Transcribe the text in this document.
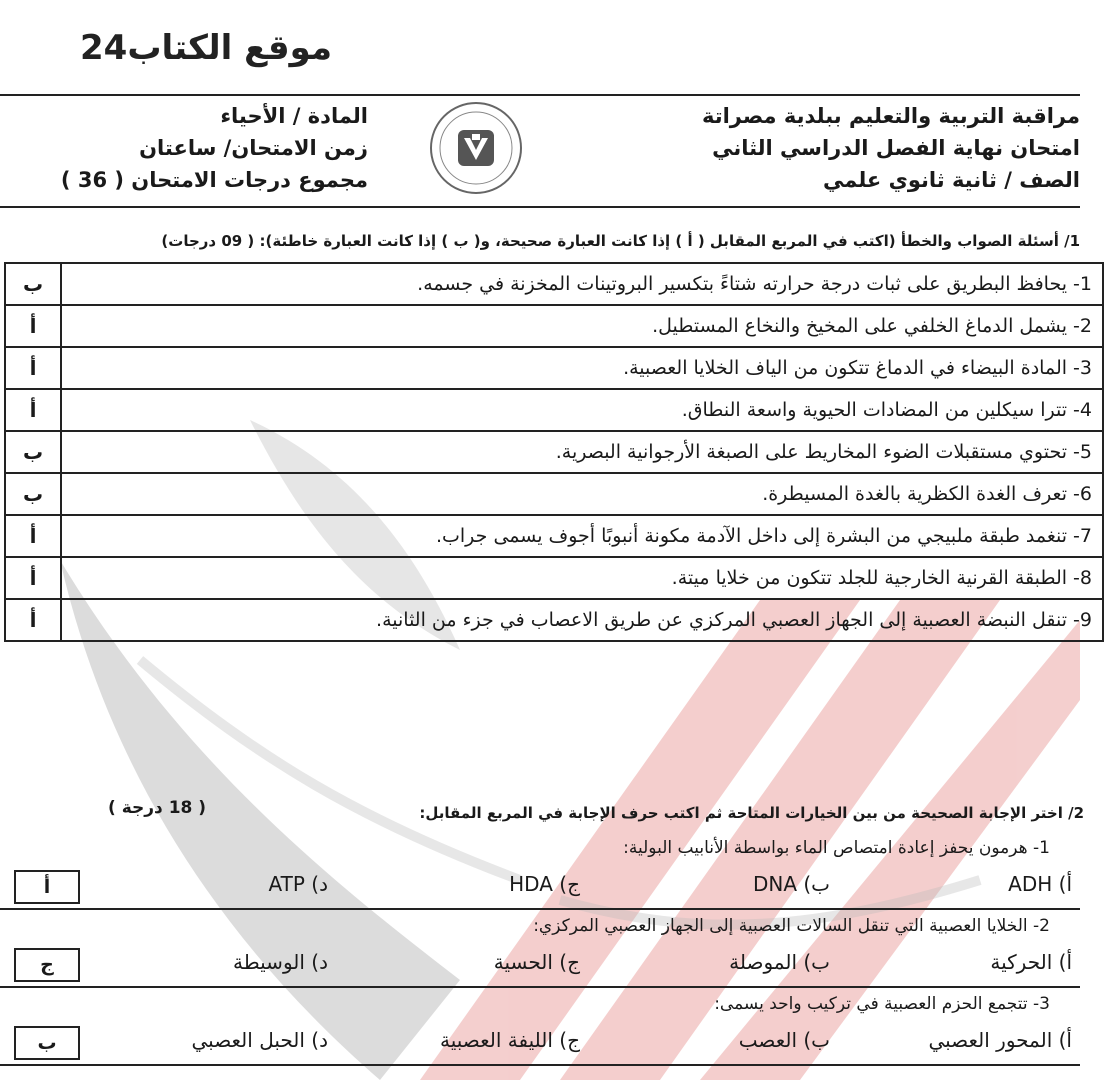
موقع الكتاب24
مراقبة التربية والتعليم ببلدية مصراتة
امتحان نهاية الفصل الدراسي الثاني
الصف / ثانية ثانوي علمي
المادة / الأحياء
زمن الامتحان/ ساعتان
مجموع درجات الامتحان ( 36 )
1/ أسئلة الصواب والخطأ (اكتب في المربع المقابل ( أ ) إذا كانت العبارة صحيحة، و( ب ) إذا كانت العبارة خاطئة): ( 09 درجات)
1- يحافظ البطريق على ثبات درجة حرارته شتاءً بتكسير البروتينات المخزنة في جسمه.	ب
2- يشمل الدماغ الخلفي على المخيخ والنخاع المستطيل.	أ
3- المادة البيضاء في الدماغ تتكون من الياف الخلايا العصبية.	أ
4- تترا سيكلين من المضادات الحيوية واسعة النطاق.	أ
5- تحتوي مستقبلات الضوء المخاريط على الصبغة الأرجوانية البصرية.	ب
6- تعرف الغدة الكظرية بالغدة المسيطرة.	ب
7- تنغمد طبقة ملبيجي من البشرة إلى داخل الآدمة مكونة أنبوبًا أجوف يسمى جراب.	أ
8- الطبقة القرنية الخارجية للجلد تتكون من خلايا ميتة.	أ
9- تنقل النبضة العصبية إلى الجهاز العصبي المركزي عن طريق الاعصاب في جزء من الثانية.	أ
2/ اختر الإجابة الصحيحة من بين الخيارات المتاحة ثم اكتب حرف الإجابة في المربع المقابل:
( 18 درجة )
1- هرمون يحفز إعادة امتصاص الماء بواسطة الأنابيب البولية:
أ) ADH
ب) DNA
ج) HDA
د) ATP
أ
2- الخلايا العصبية التي تنقل السالات العصبية إلى الجهاز العصبي المركزي:
أ) الحركية
ب) الموصلة
ج) الحسية
د) الوسيطة
ج
3- تتجمع الحزم العصبية في تركيب واحد يسمى:
أ) المحور العصبي
ب) العصب
ج) الليفة العصبية
د) الحبل العصبي
ب
